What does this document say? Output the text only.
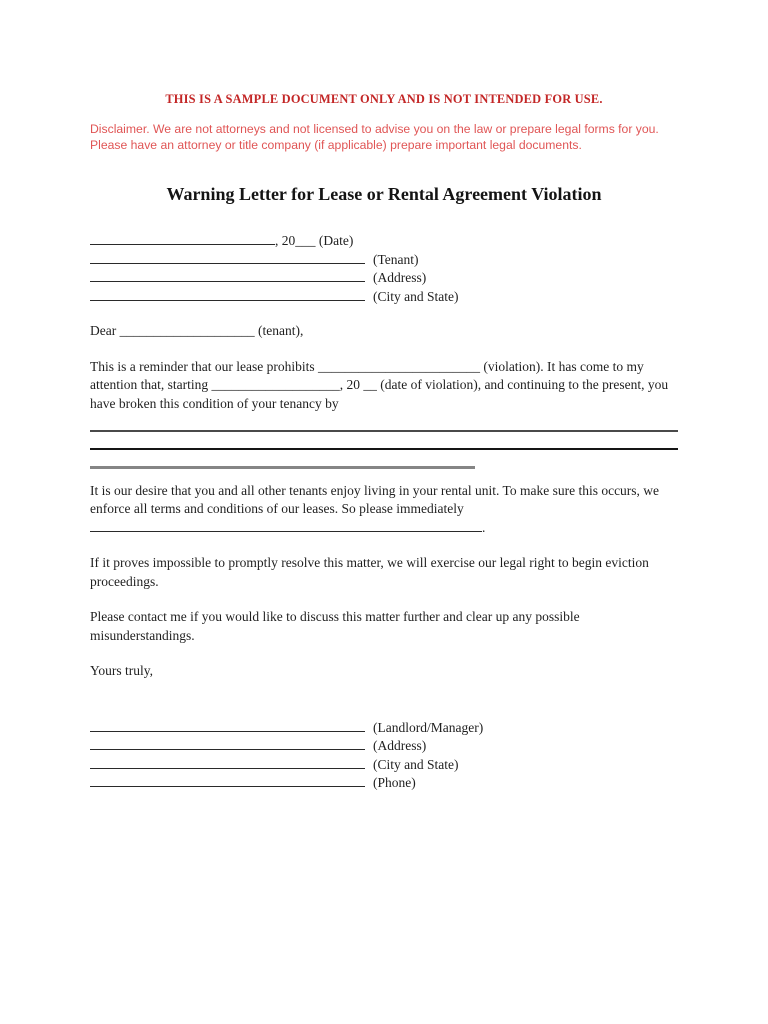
THIS IS A SAMPLE DOCUMENT ONLY AND IS NOT INTENDED FOR USE.
Disclaimer. We are not attorneys and not licensed to advise you on the law or prepare legal forms for you.
Please have an attorney or title company (if applicable) prepare important legal documents.
Warning Letter for Lease or Rental Agreement Violation
, 20___ (Date)
(Tenant)
(Address)
(City and State)

Dear ____________________ (tenant),

This is a reminder that our lease prohibits ________________________ (violation). It has come to my attention that, starting ___________________, 20 __ (date of violation), and continuing to the present, you have broken this condition of your tenancy by

It is our desire that you and all other tenants enjoy living in your rental unit. To make sure this occurs, we enforce all terms and conditions of our leases. So please immediately

.

If it proves impossible to promptly resolve this matter, we will exercise our legal right to begin eviction proceedings.

Please contact me if you would like to discuss this matter further and clear up any possible misunderstandings.

Yours truly,

(Landlord/Manager)
(Address)
(City and State)
(Phone)
